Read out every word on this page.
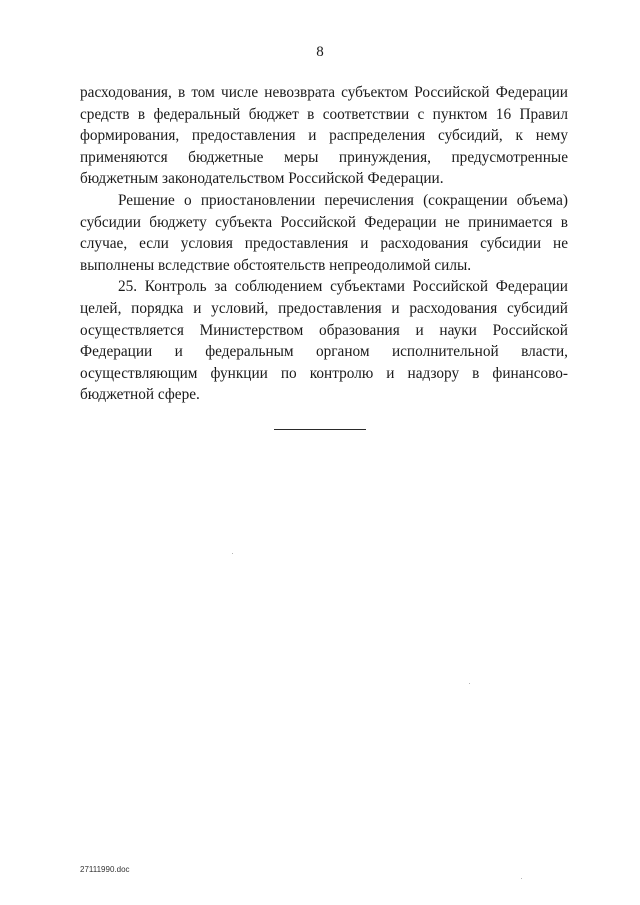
8

расходования, в том числе невозврата субъектом Российской Федерации средств в федеральный бюджет в соответствии с пунктом 16 Правил формирования, предоставления и распределения субсидий, к нему применяются бюджетные меры принуждения, предусмотренные бюджетным законодательством Российской Федерации.

Решение о приостановлении перечисления (сокращении объема) субсидии бюджету субъекта Российской Федерации не принимается в случае, если условия предоставления и расходования субсидии не выполнены вследствие обстоятельств непреодолимой силы.

25. Контроль за соблюдением субъектами Российской Федерации целей, порядка и условий, предоставления и расходования субсидий осуществляется Министерством образования и науки Российской Федерации и федеральным органом исполнительной власти, осуществляющим функции по контролю и надзору в финансово-бюджетной сфере.

27111990.doc
